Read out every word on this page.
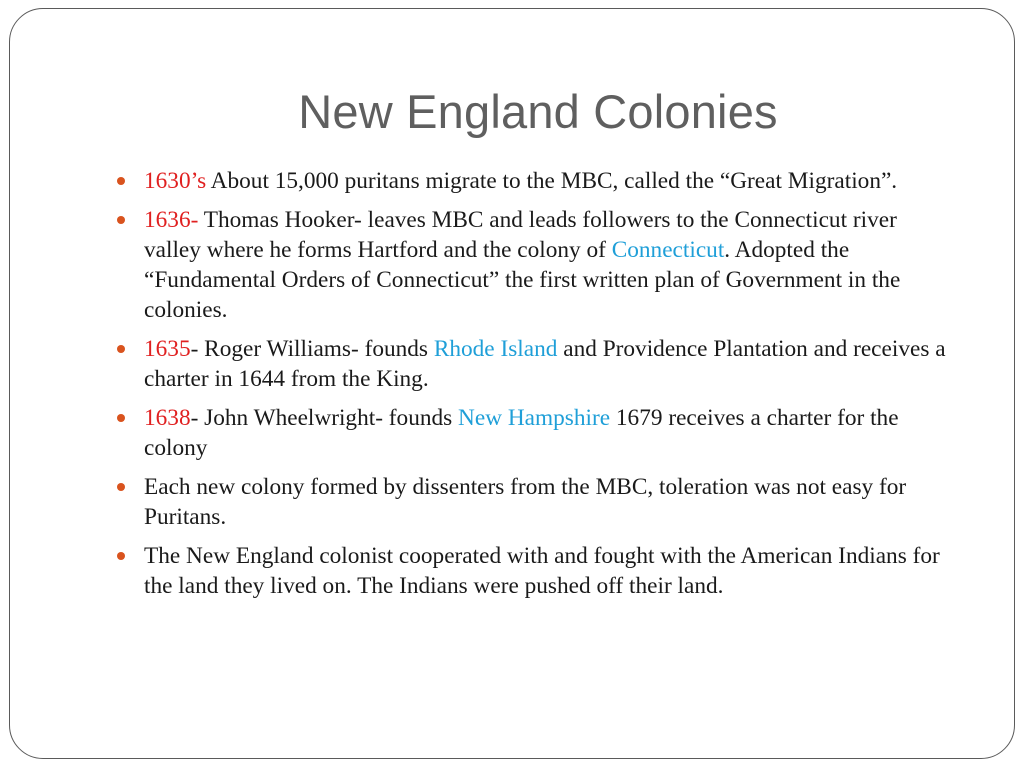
New England Colonies
1630’s About 15,000 puritans migrate to the MBC, called the “Great Migration”.
1636- Thomas Hooker- leaves MBC and leads followers to the Connecticut river valley where he forms Hartford and the colony of Connecticut. Adopted the “Fundamental Orders of Connecticut” the first written plan of Government in the colonies.
1635- Roger Williams- founds Rhode Island and Providence Plantation and receives a charter in 1644 from the King.
1638- John Wheelwright- founds New Hampshire 1679 receives a charter for the colony
Each new colony formed by dissenters from the MBC, toleration was not easy for Puritans.
The New England colonist cooperated with and fought with the American Indians for the land they lived on. The Indians were pushed off their land.
